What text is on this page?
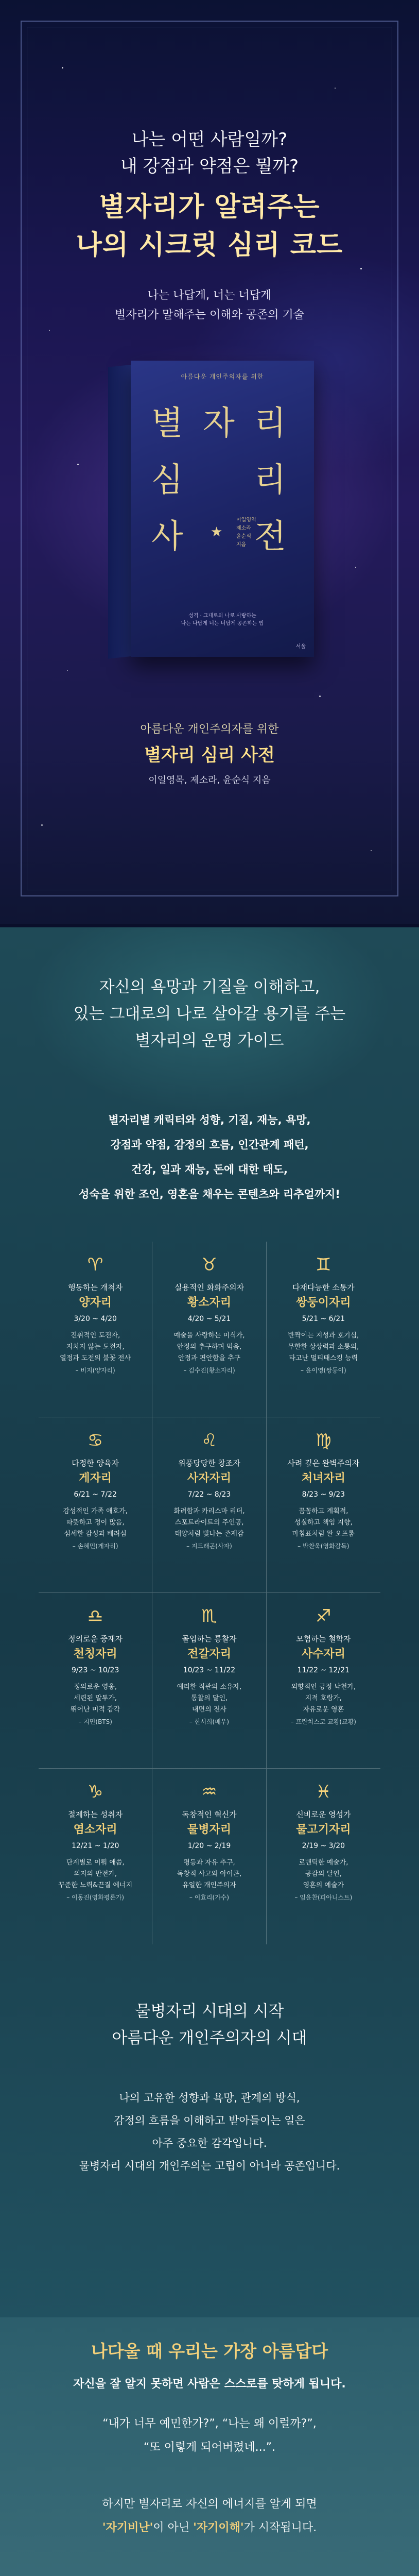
나는 어떤 사람일까?
내 강점과 약점은 뭘까?
별자리가 알려주는
나의 시크릿 심리 코드
나는 나답게, 너는 너답게
별자리가 말해주는 이해와 공존의 기술
아름다운 개인주의자를 위한
별 자 리
심 리
사 전
★
이일영역
제소라
윤순식
지음
성격 · 그대로의 나로 사랑하는
나는 나답게 너는 너답게 공존하는 법
서울
아름다운 개인주의자를 위한
별자리 심리 사전
이일영목, 제소라, 윤순식 지음
자신의 욕망과 기질을 이해하고,
있는 그대로의 나로 살아갈 용기를 주는
별자리의 운명 가이드
별자리별 캐릭터와 성향, 기질, 재능, 욕망,
강점과 약점, 감정의 흐름, 인간관계 패턴,
건강, 일과 재능, 돈에 대한 태도,
성숙을 위한 조언, 영혼을 채우는 콘텐츠와 리추얼까지!
♈
행동하는 개척자
양자리
3/20 ~ 4/20
진취적인 도전자,
지치지 않는 도전자,
열정과 도전의 불꽃 전사
– 비지(양자리)
♉
실용적인 화화주의자
황소자리
4/20 ~ 5/21
예술을 사랑하는 미식가,
안정의 추구하며 먹음,
안정과 편안함을 추구
– 김수진(황소자리)
♊
다재다능한 소통가
쌍둥이자리
5/21 ~ 6/21
반짝이는 지성과 호기심,
무한한 상상력과 소통의,
타고난 멀티태스킹 능력
– 윤이영(쌍둥이)
♋
다정한 양육자
게자리
6/21 ~ 7/22
감성적인 가족 애호가,
따뜻하고 정이 많음,
섬세한 감성과 배려심
– 손혜민(게자리)
♌
위풍당당한 창조자
사자자리
7/22 ~ 8/23
화려함과 카리스마 리더,
스포트라이트의 주인공,
태양처럼 빛나는 존재감
– 지드래곤(사자)
♍
사려 깊은 완벽주의자
처녀자리
8/23 ~ 9/23
꼼꼼하고 계획적,
성실하고 책임 지향,
마침표처럼 완 오프롬
– 박찬욱(영화감독)
♎
정의로운 중재자
천칭자리
9/23 ~ 10/23
정의로운 영웅,
세련된 말투가,
뛰어난 미적 감각
– 지민(BTS)
♏
몰입하는 통찰자
전갈자리
10/23 ~ 11/22
예리한 직관의 소유자,
통찰의 달인,
내면의 전사
– 한서희(배우)
♐
모험하는 철학자
사수자리
11/22 ~ 12/21
외향적인 긍정 낙천가,
지적 호랑가,
자유로운 영혼
– 프란치스코 교황(교황)
♑
절제하는 성취자
염소자리
12/21 ~ 1/20
단계별로 이뤄 애씀,
의지의 반전가,
꾸준한 노력&끈질 에너지
– 이동진(영화평론가)
♒
독창적인 혁신가
물병자리
1/20 ~ 2/19
평등과 자유 추구,
독창적 사고와 아이콘,
유일한 개인주의자
– 이효리(가수)
♓
신비로운 영성가
물고기자리
2/19 ~ 3/20
로맨틱한 예술가,
공감의 달인,
영혼의 예술가
– 임윤찬(피아니스트)
물병자리 시대의 시작
아름다운 개인주의자의 시대
나의 고유한 성향과 욕망, 관계의 방식,
감정의 흐름을 이해하고 받아들이는 일은
아주 중요한 감각입니다.
물병자리 시대의 개인주의는 고립이 아니라 공존입니다.
나다울 때 우리는 가장 아름답다
자신을 잘 알지 못하면 사람은 스스로를 탓하게 됩니다.
“내가 너무 예민한가?”, “나는 왜 이럴까?”,
“또 이렇게 되어버렸네...”.
하지만 별자리로 자신의 에너지를 알게 되면
'자기비난'이 아닌 '자기이해'가 시작됩니다.
